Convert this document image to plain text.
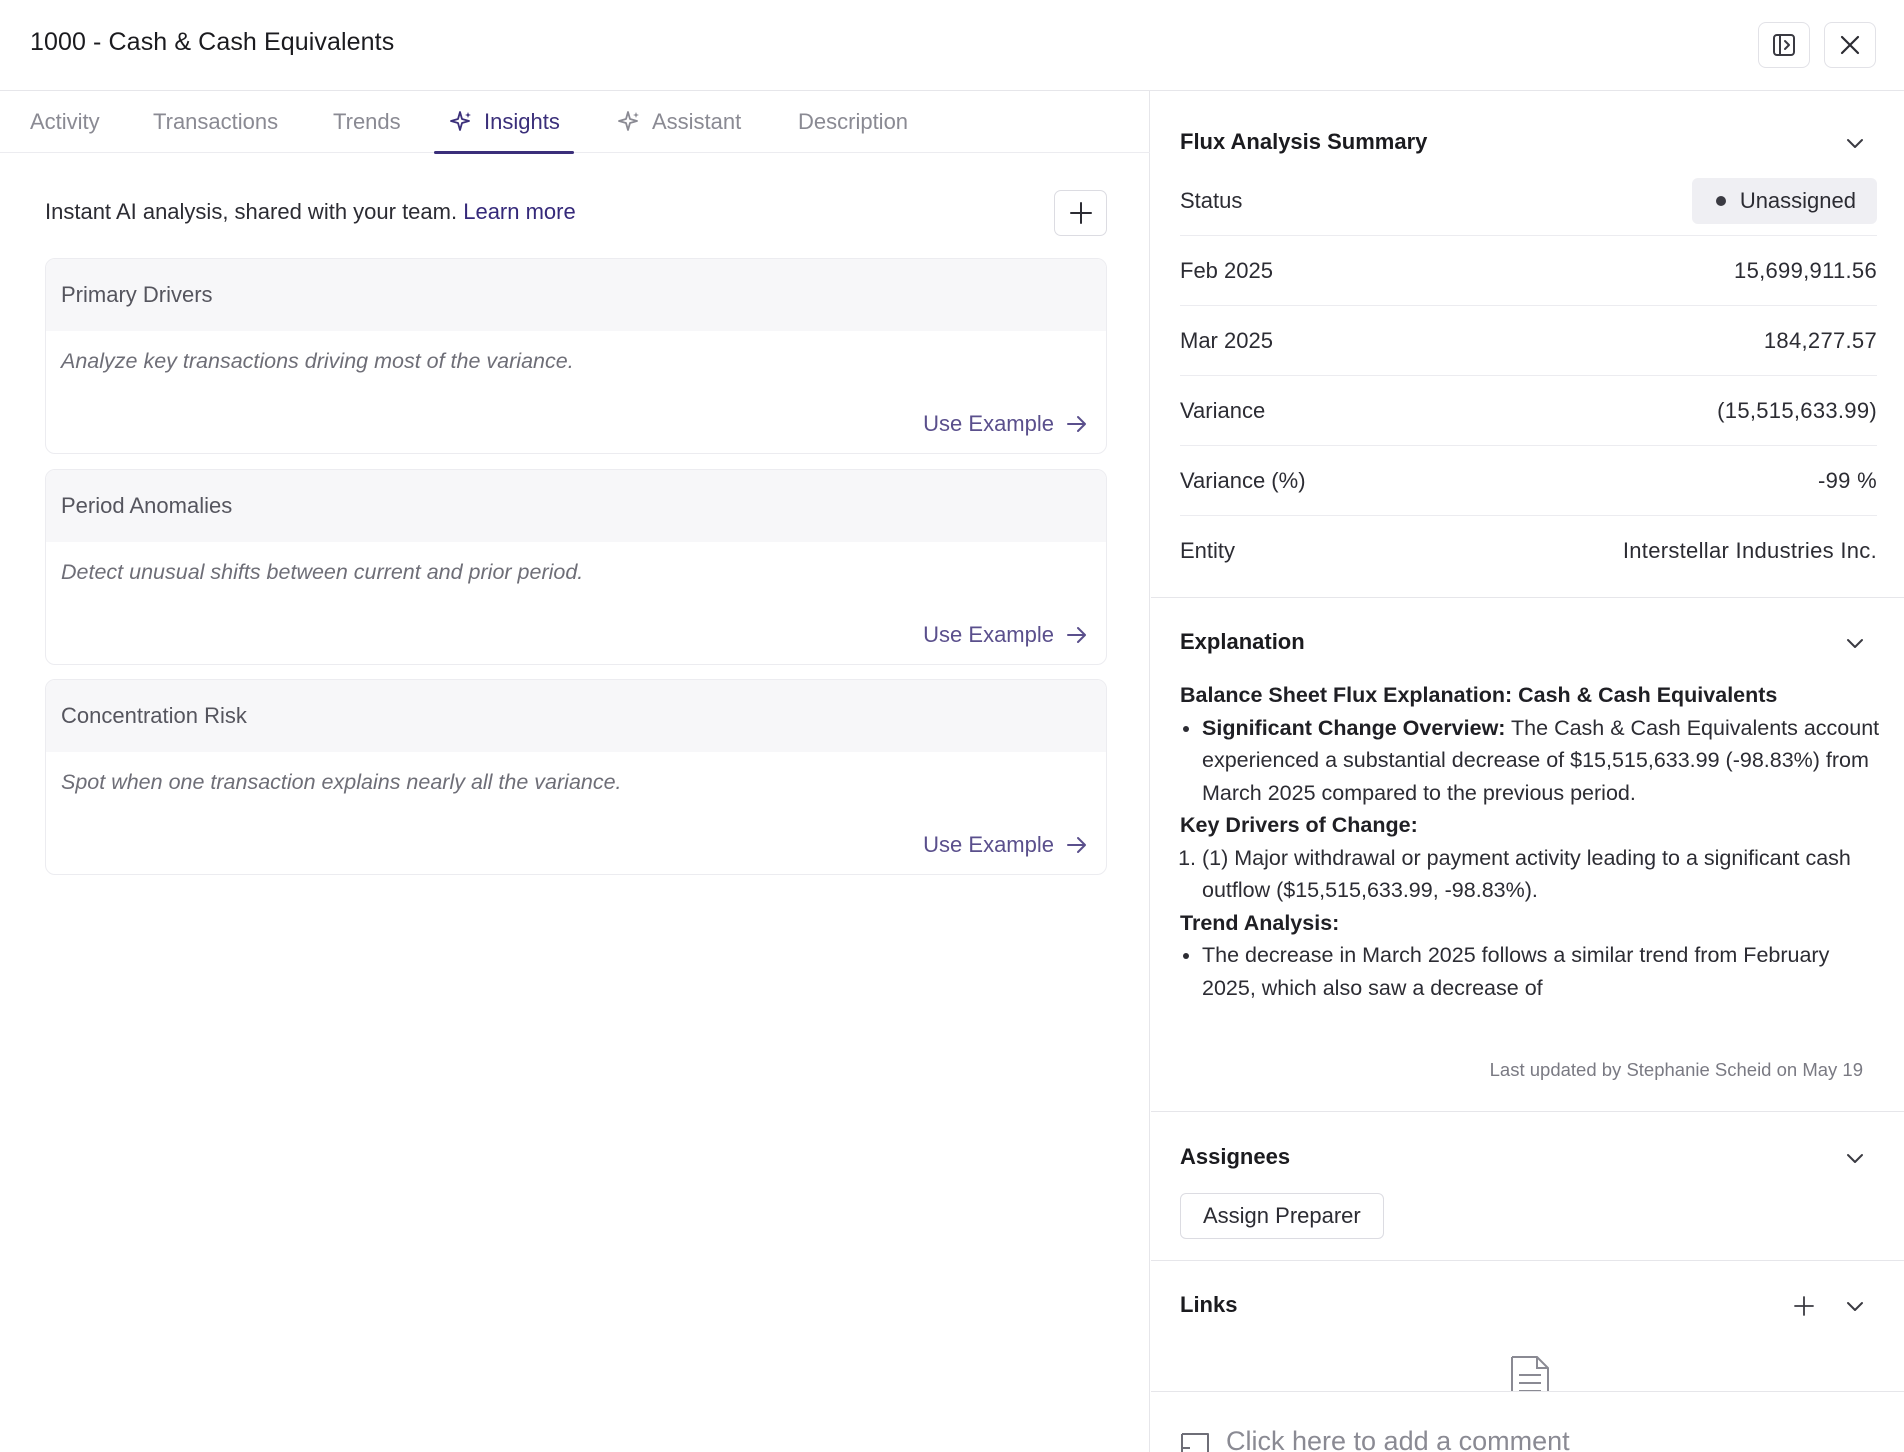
1000 - Cash & Cash Equivalents
Activity Transactions Trends	Insights	Assistant	Description
Instant AI analysis, shared with your team. Learn more
Primary Drivers
Analyze key transactions driving most of the variance.
Use Example
Period Anomalies
Detect unusual shifts between current and prior period.
Use Example
Concentration Risk
Spot when one transaction explains nearly all the variance.
Use Example
Flux Analysis Summary
Status	Unassigned
Feb 2025	15,699,911.56
Mar 2025	184,277.57
Variance	(15,515,633.99)
Variance (%)	-99 %
Entity	Interstellar Industries Inc.
Explanation
Balance Sheet Flux Explanation: Cash & Cash Equivalents
• Significant Change Overview: The Cash & Cash Equivalents account experienced a substantial decrease of $15,515,633.99 (-98.83%) from March 2025 compared to the previous period.
Key Drivers of Change:
1. (1) Major withdrawal or payment activity leading to a significant cash outflow ($15,515,633.99, -98.83%).
Trend Analysis:
• The decrease in March 2025 follows a similar trend from February 2025, which also saw a decrease of
Last updated by Stephanie Scheid on May 19
Assignees
Assign Preparer
Links
Click here to add a comment
